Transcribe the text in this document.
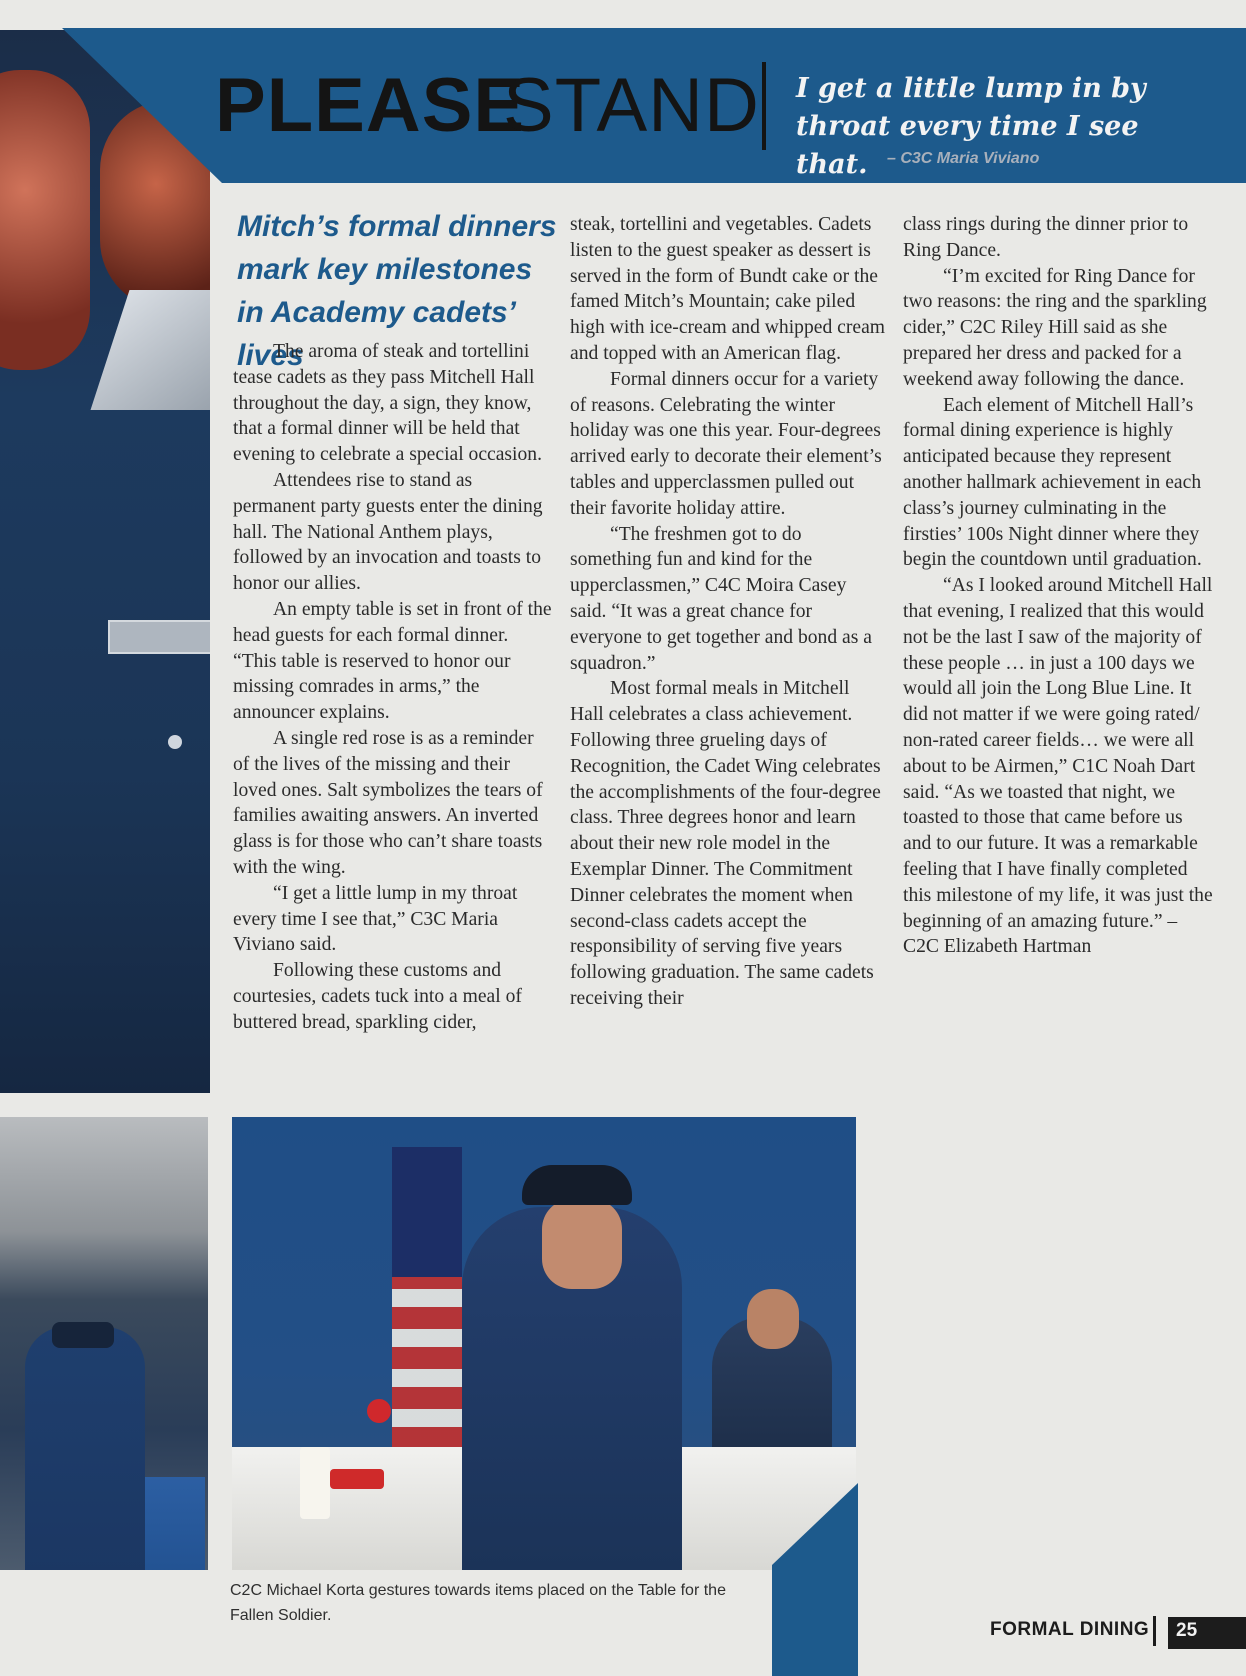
PLEASE
STAND I get a little lump in by throat every time I see that.	– C3C Maria Viviano
Mitch’s formal dinners mark key milestones in Academy cadets’ lives

The aroma of steak and tortellini tease cadets as they pass Mitchell Hall throughout the day, a sign, they know, that a formal dinner will be held that evening to celebrate a special occasion.

Attendees rise to stand as permanent party guests enter the dining hall. The National Anthem plays, followed by an invocation and toasts to honor our allies.

An empty table is set in front of the head guests for each formal dinner. “This table is reserved to honor our missing comrades in arms,” the announcer explains.

A single red rose is as a reminder of the lives of the missing and their loved ones. Salt symbolizes the tears of families awaiting answers. An inverted glass is for those who can’t share toasts with the wing.

“I get a little lump in my throat every time I see that,” C3C Maria Viviano said.

Following these customs and courtesies, cadets tuck into a meal of buttered bread, sparkling cider,

steak, tortellini and vegetables. Cadets listen to the guest speaker as dessert is served in the form of Bundt cake or the famed Mitch’s Mountain; cake piled high with ice-cream and whipped cream and topped with an American flag.

Formal dinners occur for a variety of reasons. Celebrating the winter holiday was one this year. Four-degrees arrived early to decorate their element’s tables and upperclassmen pulled out their favorite holiday attire.

“The freshmen got to do something fun and kind for the upperclassmen,” C4C Moira Casey said. “It was a great chance for everyone to get together and bond as a squadron.”

Most formal meals in Mitchell Hall celebrates a class achievement. Following three grueling days of Recognition, the Cadet Wing celebrates the accomplishments of the four-degree class. Three degrees honor and learn about their new role model in the Exemplar Dinner. The Commitment Dinner celebrates the moment when second-class cadets accept the responsibility of serving five years following graduation. The same cadets receiving their

class rings during the dinner prior to Ring Dance.

“I’m excited for Ring Dance for two reasons: the ring and the sparkling cider,” C2C Riley Hill said as she prepared her dress and packed for a weekend away following the dance.

Each element of Mitchell Hall’s formal dining experience is highly anticipated because they represent another hallmark achievement in each class’s journey culminating in the firsties’ 100s Night dinner where they begin the countdown until graduation.

“As I looked around Mitchell Hall that evening, I realized that this would not be the last I saw of the majority of these people … in just a 100 days we would all join the Long Blue Line. It did not matter if we were going rated/ non-rated career fields… we were all about to be Airmen,” C1C Noah Dart said. “As we toasted that night, we toasted to those that came before us and to our future. It was a remarkable feeling that I have finally completed this milestone of my life, it was just the beginning of an amazing future.” – C2C Elizabeth Hartman

C2C Michael Korta gestures towards items placed on the Table for the Fallen Soldier.
FORMAL DINING 25
